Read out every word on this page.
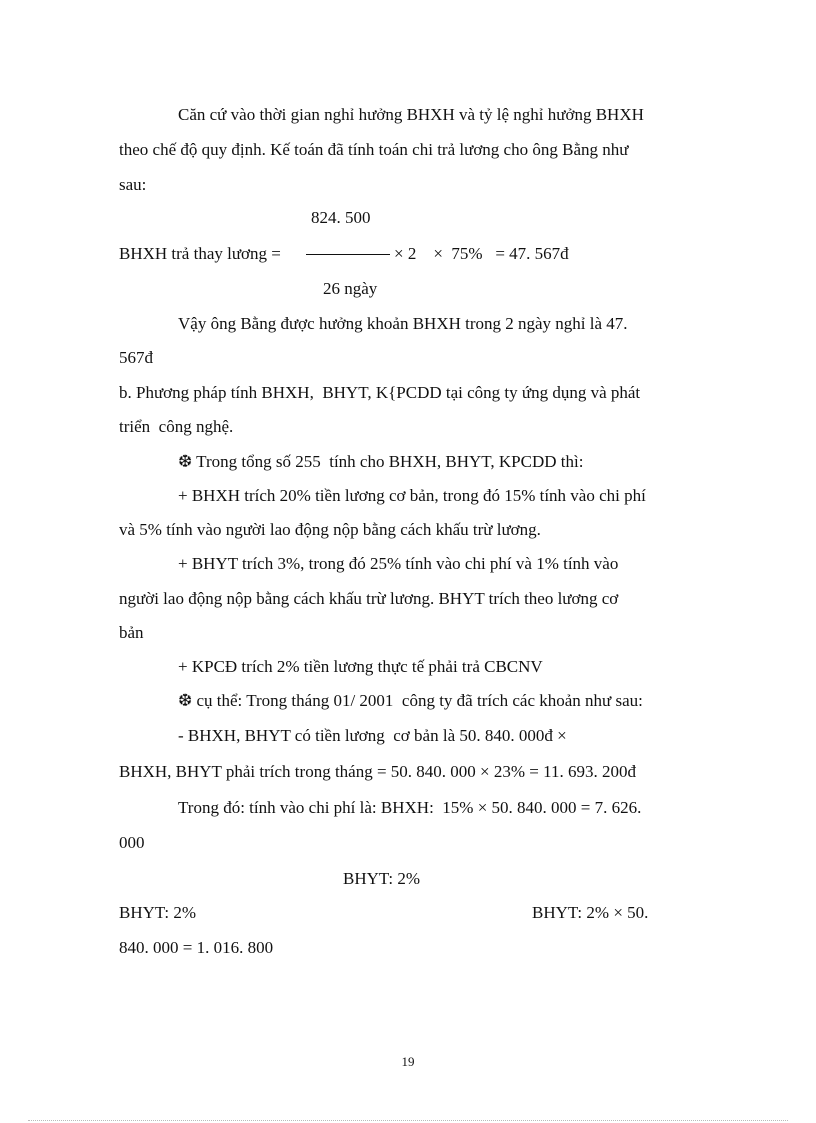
Căn cứ vào thời gian nghỉ hưởng BHXH và tỷ lệ nghỉ hưởng BHXH
theo chế độ quy định. Kế toán đã tính toán chi trả lương cho ông Bằng như
sau:
824. 500
BHXH trả thay lương =	× 2    ×  75%   = 47. 567đ
26 ngày
Vậy ông Bằng được hưởng khoản BHXH trong 2 ngày nghỉ là 47.
567đ
b. Phương pháp tính BHXH,  BHYT, K{PCDD tại công ty ứng dụng và phát
triển  công nghệ.
❆ Trong tổng số 255  tính cho BHXH, BHYT, KPCDD thì:
+ BHXH trích 20% tiền lương cơ bản, trong đó 15% tính vào chi phí
và 5% tính vào người lao động nộp bằng cách khấu trừ lương.
+ BHYT trích 3%, trong đó 25% tính vào chi phí và 1% tính vào
người lao động nộp bằng cách khấu trừ lương. BHYT trích theo lương cơ
bản
+ KPCĐ trích 2% tiền lương thực tế phải trả CBCNV
❆ cụ thể: Trong tháng 01/ 2001  công ty đã trích các khoản như sau:
- BHXH, BHYT có tiền lương  cơ bản là 50. 840. 000đ ×
BHXH, BHYT phải trích trong tháng = 50. 840. 000 × 23% = 11. 693. 200đ
Trong đó: tính vào chi phí là: BHXH:  15% × 50. 840. 000 = 7. 626.
000
BHYT: 2%
BHYT: 2%	BHYT: 2% × 50.
840. 000 = 1. 016. 800
19
